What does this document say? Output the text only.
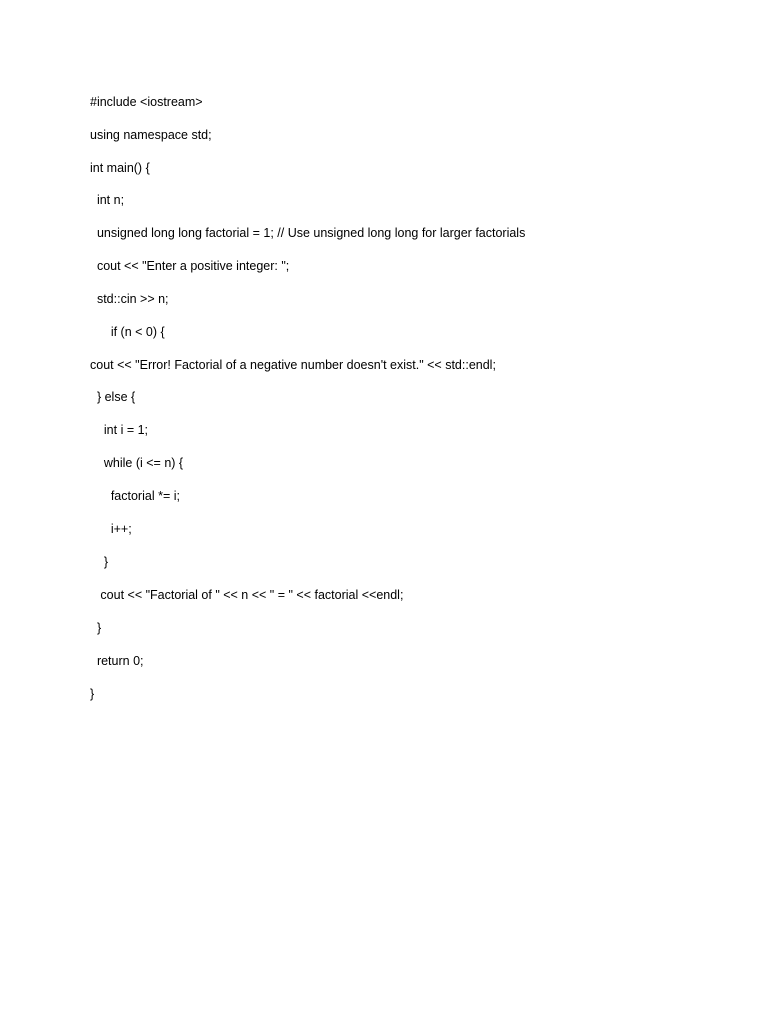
#include <iostream>
using namespace std;
int main() {
int n;
unsigned long long factorial = 1; // Use unsigned long long for larger factorials
cout << "Enter a positive integer: ";
std::cin >> n;
if (n < 0) {
cout << "Error! Factorial of a negative number doesn't exist." << std::endl;
} else {
int i = 1;
while (i <= n) {
factorial *= i;
i++;
}
cout << "Factorial of " << n << " = " << factorial <<endl;
}
return 0;
}
